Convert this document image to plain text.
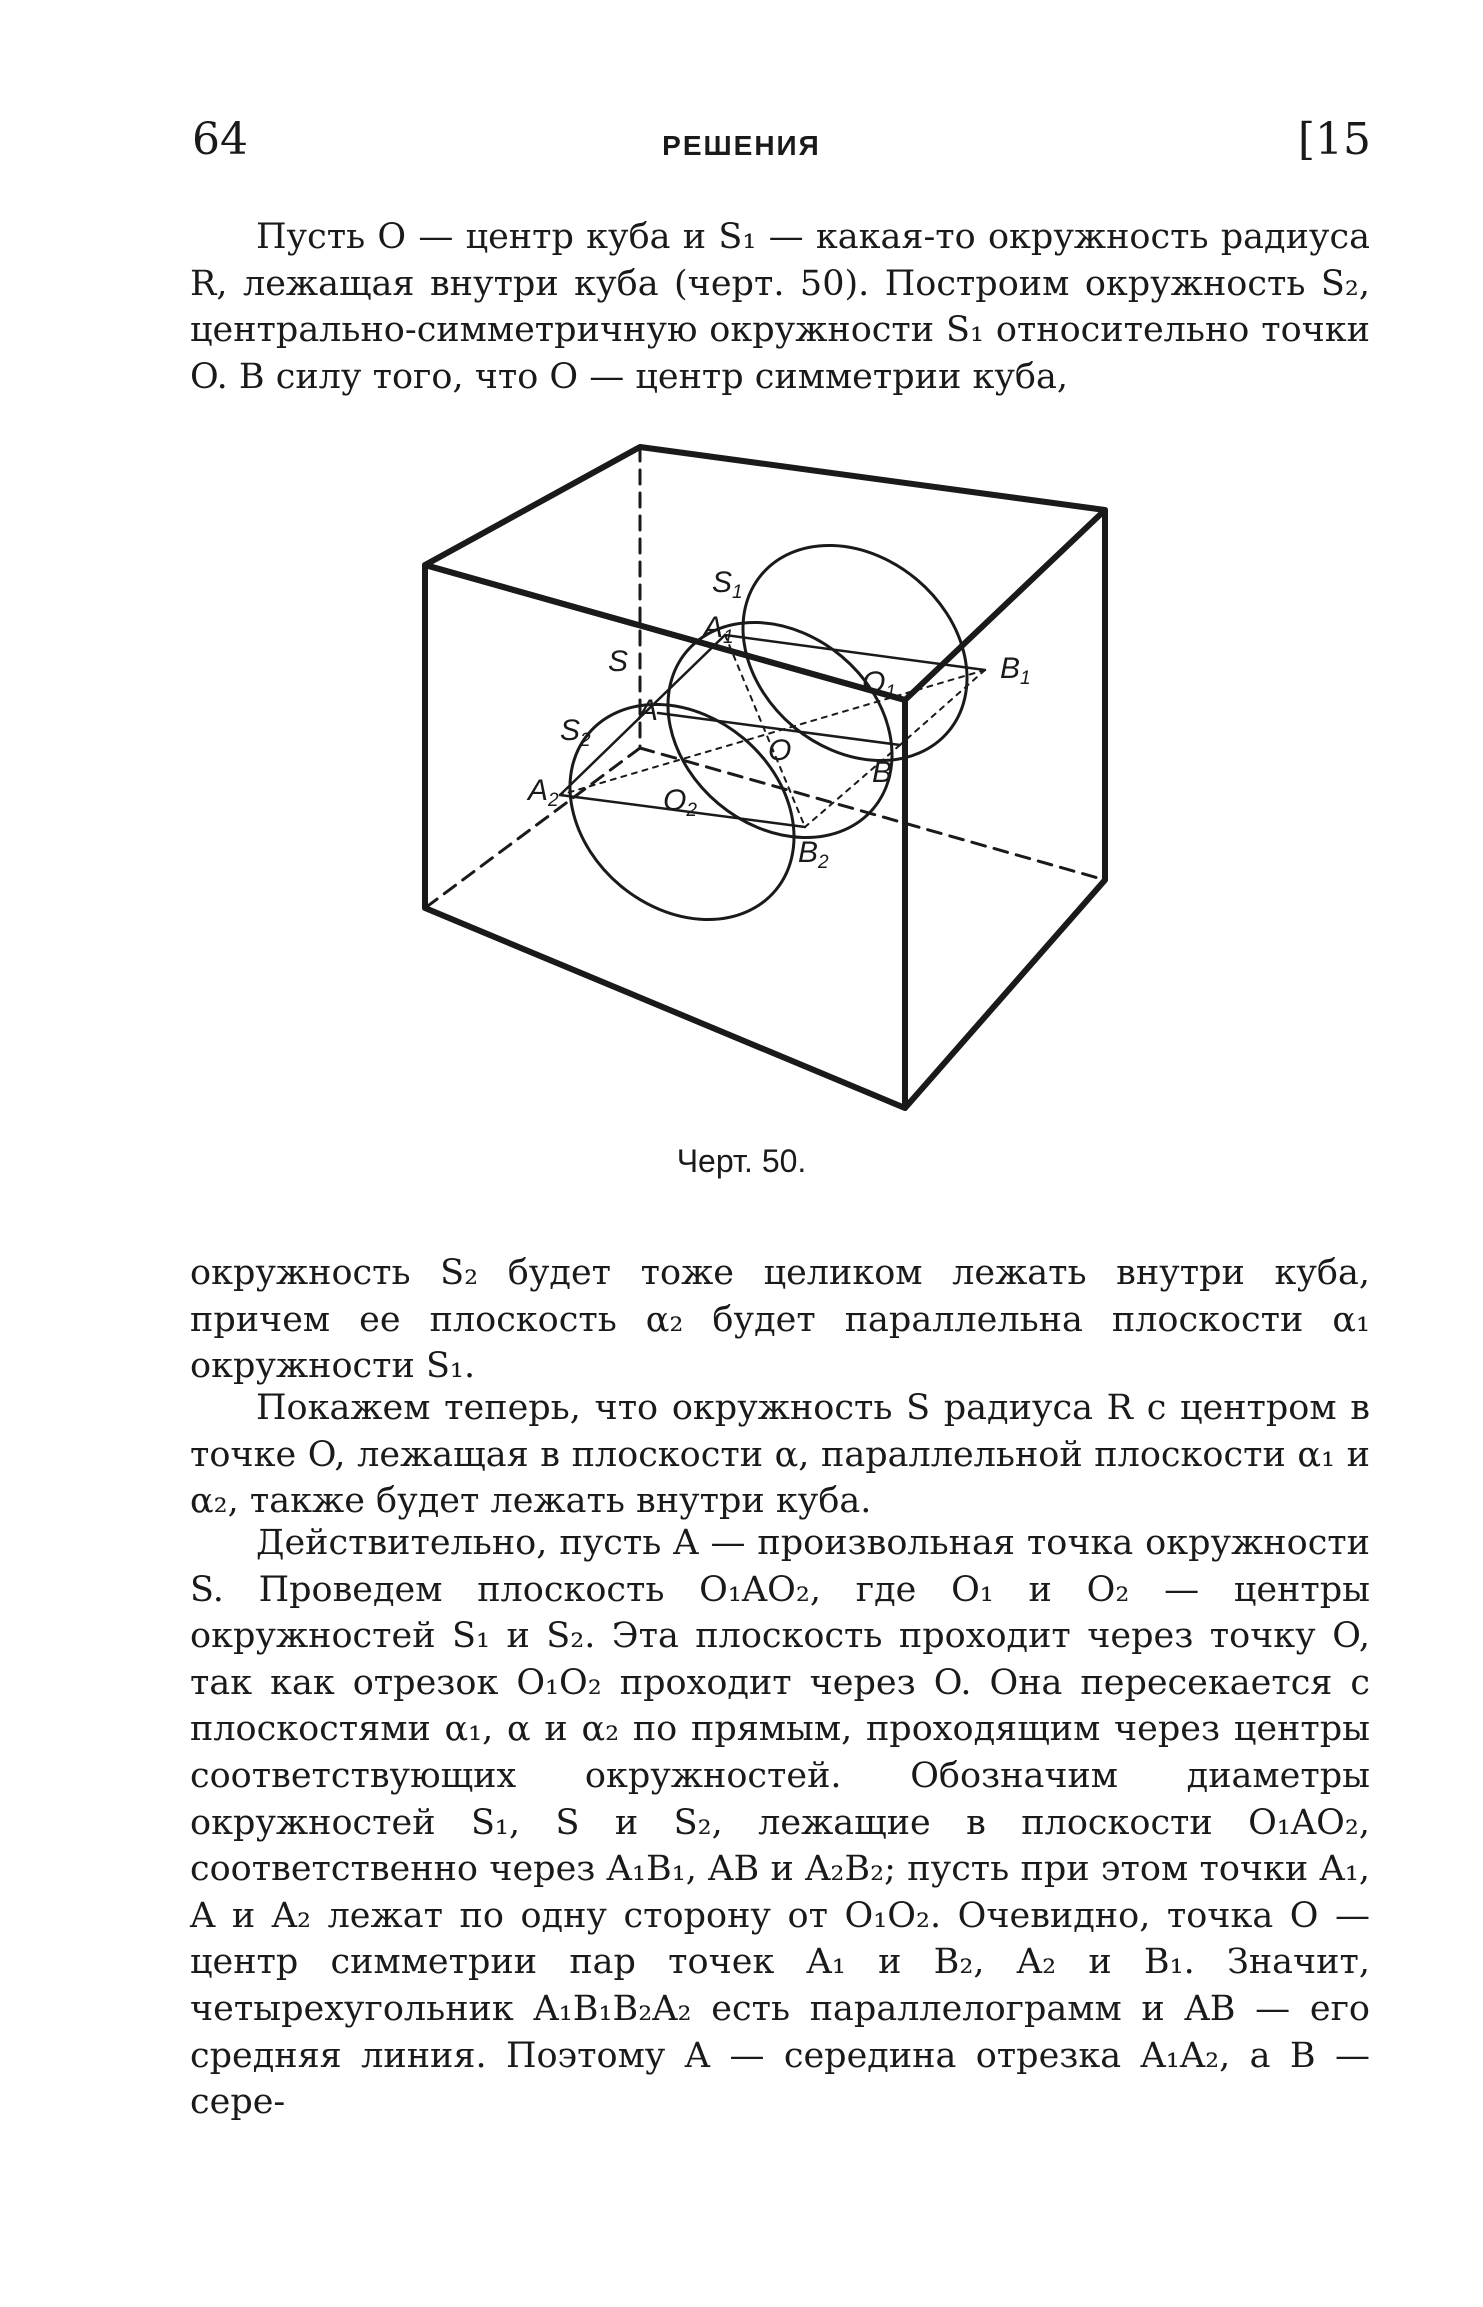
64	РЕШЕНИЯ	[15

Пусть O — центр куба и S₁ — какая-то окружность радиуса R, лежащая внутри куба (черт. 50). Построим окружность S₂, центрально-симметричную окружности S₁ относительно точки O. В силу того, что O — центр симметрии куба,

$S_1$
S
$S_2$
$A_1$
A
$A_2$
$O_1$
O
$O_2$
$B_1$
B
$B_2$
Черт. 50.

окружность S₂ будет тоже целиком лежать внутри куба, причем ее плоскость α₂ будет параллельна плоскости α₁ окружности S₁.

Покажем теперь, что окружность S радиуса R с центром в точке O, лежащая в плоскости α, параллельной плоскости α₁ и α₂, также будет лежать внутри куба.

Действительно, пусть A — произвольная точка окружности S. Проведем плоскость O₁AO₂, где O₁ и O₂ — центры окружностей S₁ и S₂. Эта плоскость проходит через точку O, так как отрезок O₁O₂ проходит через O. Она пересекается с плоскостями α₁, α и α₂ по прямым, проходящим через центры соответствующих окружностей. Обозначим диаметры окружностей S₁, S и S₂, лежащие в плоскости O₁AO₂, соответственно через A₁B₁, AB и A₂B₂; пусть при этом точки A₁, A и A₂ лежат по одну сторону от O₁O₂. Очевидно, точка O — центр симметрии пар точек A₁ и B₂, A₂ и B₁. Значит, четырехугольник A₁B₁B₂A₂ есть параллелограмм и AB — его средняя линия. Поэтому A — середина отрезка A₁A₂, а B — сере-
